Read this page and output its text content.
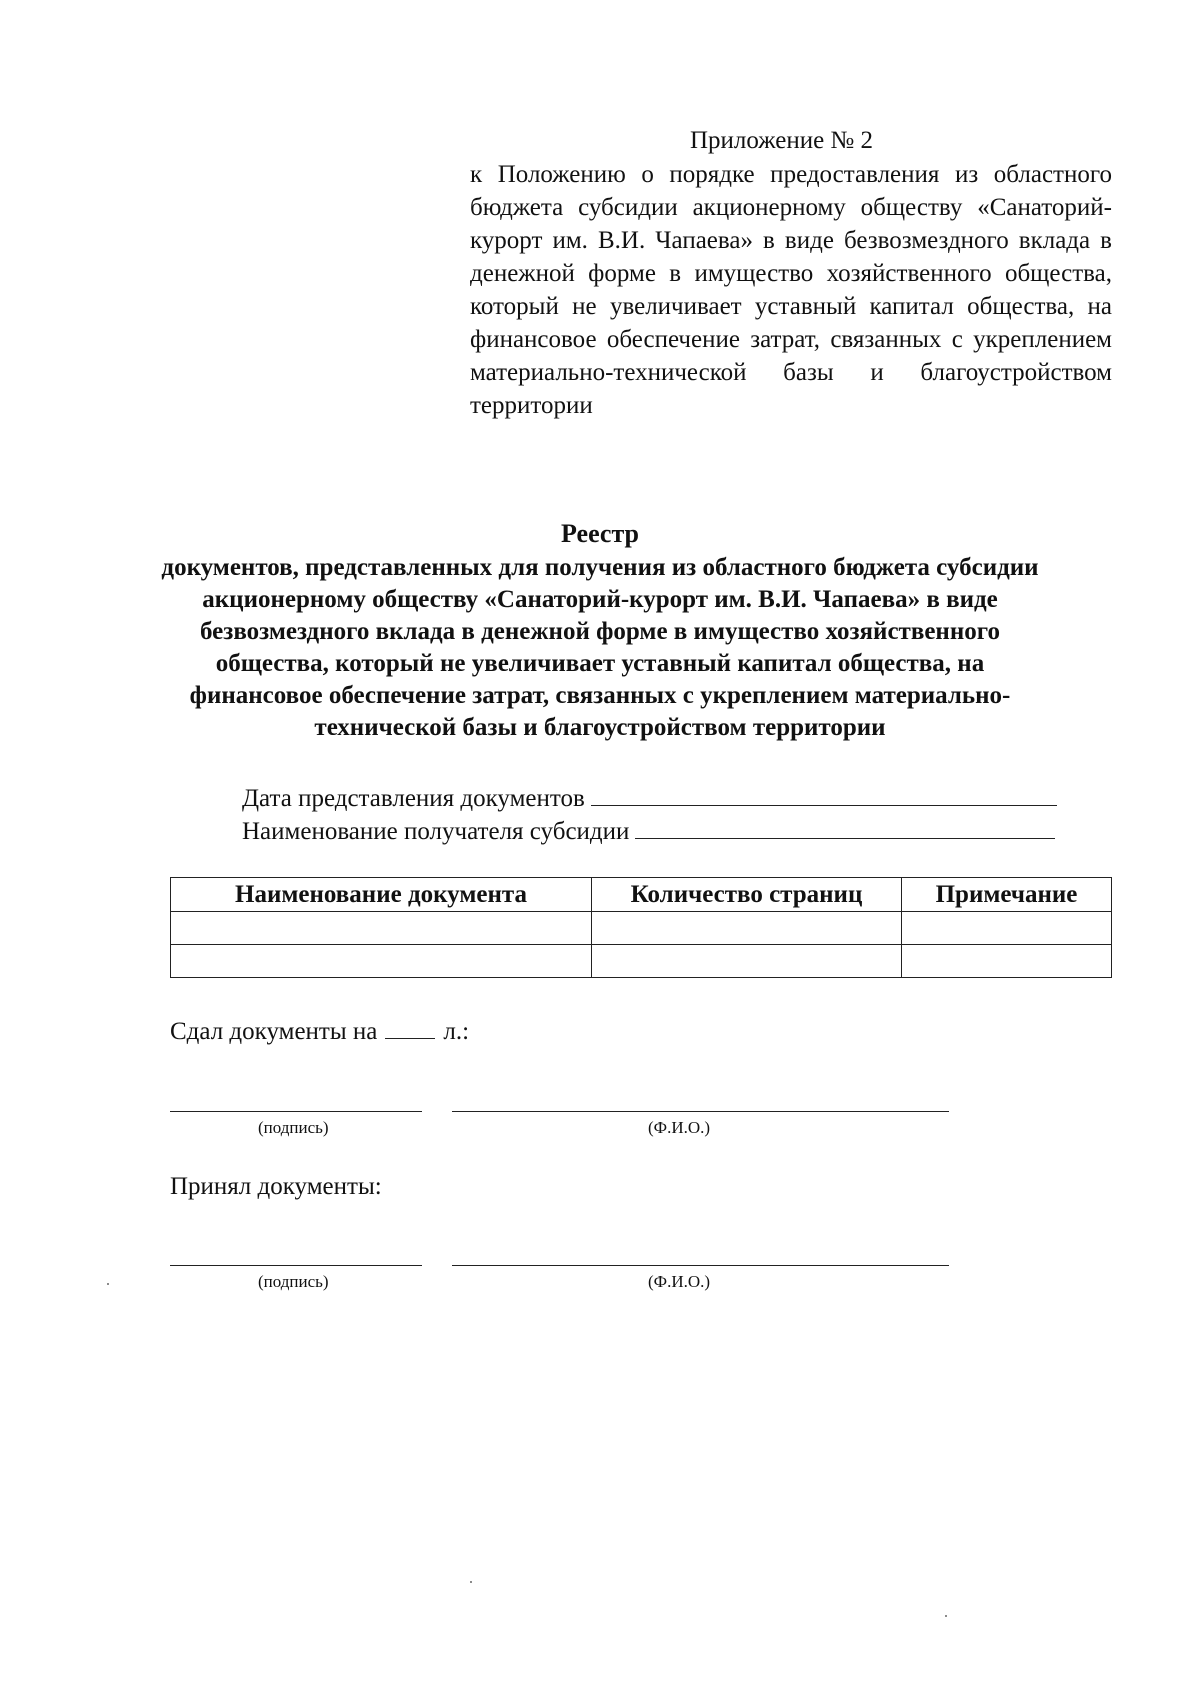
Приложение № 2
к Положению о порядке предоставления из областного бюджета субсидии акционерному обществу «Санаторий-курорт им. В.И. Чапаева» в виде безвозмездного вклада в денежной форме в имущество хозяйственного общества, который не увеличивает уставный капитал общества, на финансовое обеспечение затрат, связанных с укреплением материально-технической базы и благоустройством территории
Реестр
документов, представленных для получения из областного бюджета субсидии акционерному обществу «Санаторий-курорт им. В.И. Чапаева» в виде безвозмездного вклада в денежной форме в имущество хозяйственного общества, который не увеличивает уставный капитал общества, на финансовое обеспечение затрат, связанных с укреплением материально-технической базы и благоустройством территории
Дата представления документов
Наименование получателя субсидии
Наименование документа	Количество страниц	Примечание

Сдал документы на	л.:
(подпись)	(Ф.И.О.)
Принял документы:
(подпись)	(Ф.И.О.)
